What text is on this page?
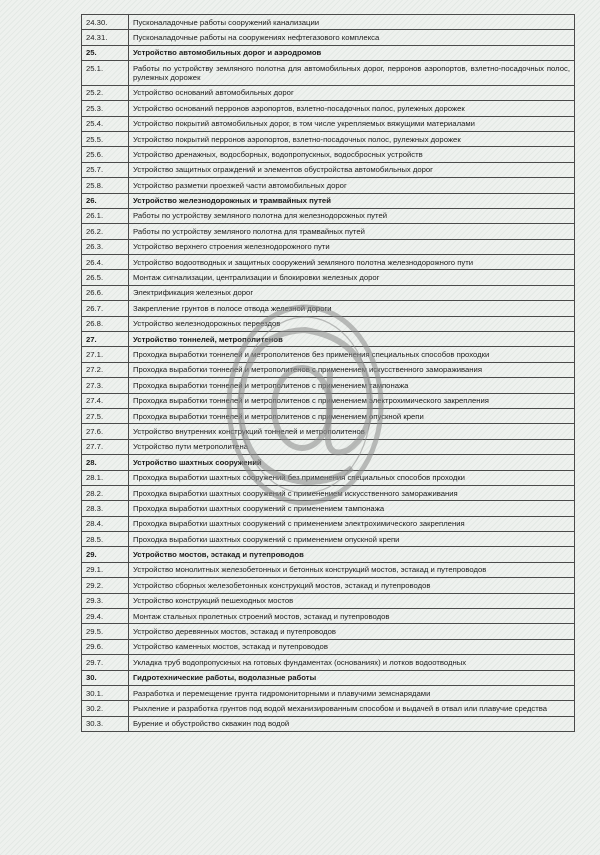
24.30.	Пусконаладочные работы сооружений канализации
24.31.	Пусконаладочные работы на сооружениях нефтегазового комплекса
25.	Устройство автомобильных дорог и аэродромов
25.1.	Работы по устройству земляного полотна для автомобильных дорог, перронов аэропортов, взлетно-посадочных полос, рулежных дорожек
25.2.	Устройство оснований автомобильных дорог
25.3.	Устройство оснований перронов аэропортов, взлетно-посадочных полос, рулежных дорожек
25.4.	Устройство покрытий автомобильных дорог, в том числе укрепляемых вяжущими материалами
25.5.	Устройство покрытий перронов аэропортов, взлетно-посадочных полос, рулежных дорожек
25.6.	Устройство дренажных, водосборных, водопропускных, водосбросных устройств
25.7.	Устройство защитных ограждений и элементов обустройства автомобильных дорог
25.8.	Устройство разметки проезжей части автомобильных дорог
26.	Устройство железнодорожных и трамвайных путей
26.1.	Работы по устройству земляного полотна для железнодорожных путей
26.2.	Работы по устройству земляного полотна для трамвайных путей
26.3.	Устройство верхнего строения железнодорожного пути
26.4.	Устройство водоотводных и защитных сооружений земляного полотна железнодорожного пути
26.5.	Монтаж сигнализации, централизации и блокировки железных дорог
26.6.	Электрификация железных дорог
26.7.	Закрепление грунтов в полосе отвода железной дороги
26.8.	Устройство железнодорожных переездов
27.	Устройство тоннелей, метрополитенов
27.1.	Проходка выработки тоннелей и метрополитенов без применения специальных способов проходки
27.2.	Проходка выработки тоннелей и метрополитенов с применением искусственного замораживания
27.3.	Проходка выработки тоннелей и метрополитенов с применением тампонажа
27.4.	Проходка выработки тоннелей и метрополитенов с применением электрохимического закрепления
27.5.	Проходка выработки тоннелей и метрополитенов с применением опускной крепи
27.6.	Устройство внутренних конструкций тоннелей и метрополитенов
27.7.	Устройство пути метрополитена
28.	Устройство шахтных сооружений
28.1.	Проходка выработки шахтных сооружений без применения специальных способов проходки
28.2.	Проходка выработки шахтных сооружений с применением искусственного замораживания
28.3.	Проходка выработки шахтных сооружений с применением тампонажа
28.4.	Проходка выработки шахтных сооружений с применением электрохимического закрепления
28.5.	Проходка выработки шахтных сооружений с применением опускной крепи
29.	Устройство мостов, эстакад и путепроводов
29.1.	Устройство монолитных железобетонных и бетонных конструкций мостов, эстакад и путепроводов
29.2.	Устройство сборных железобетонных конструкций мостов, эстакад и путепроводов
29.3.	Устройство конструкций пешеходных мостов
29.4.	Монтаж стальных пролетных строений мостов, эстакад и путепроводов
29.5.	Устройство деревянных мостов, эстакад и путепроводов
29.6.	Устройство каменных мостов, эстакад и путепроводов
29.7.	Укладка труб водопропускных на готовых фундаментах (основаниях) и лотков водоотводных
30.	Гидротехнические работы, водолазные работы
30.1.	Разработка и перемещение грунта гидромониторными и плавучими земснарядами
30.2.	Рыхление и разработка грунтов под водой механизированным способом и выдачей в отвал или плавучие средства
30.3.	Бурение и обустройство скважин под водой
